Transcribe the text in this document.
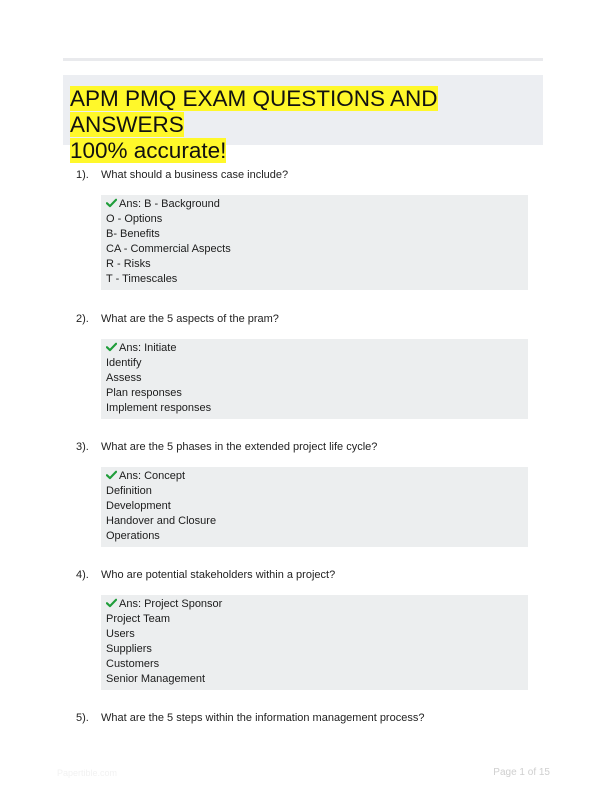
APM PMQ EXAM QUESTIONS AND ANSWERS
100% accurate!
1). What should a business case include?
Ans: B - Background
O - Options
B- Benefits
CA - Commercial Aspects
R - Risks
T - Timescales
2). What are the 5 aspects of the pram?
Ans: Initiate
Identify
Assess
Plan responses
Implement responses
3). What are the 5 phases in the extended project life cycle?
Ans: Concept
Definition
Development
Handover and Closure
Operations
4). Who are potential stakeholders within a project?
Ans: Project Sponsor
Project Team
Users
Suppliers
Customers
Senior Management
5). What are the 5 steps within the information management process?
Papertible.com	Page 1 of 15
